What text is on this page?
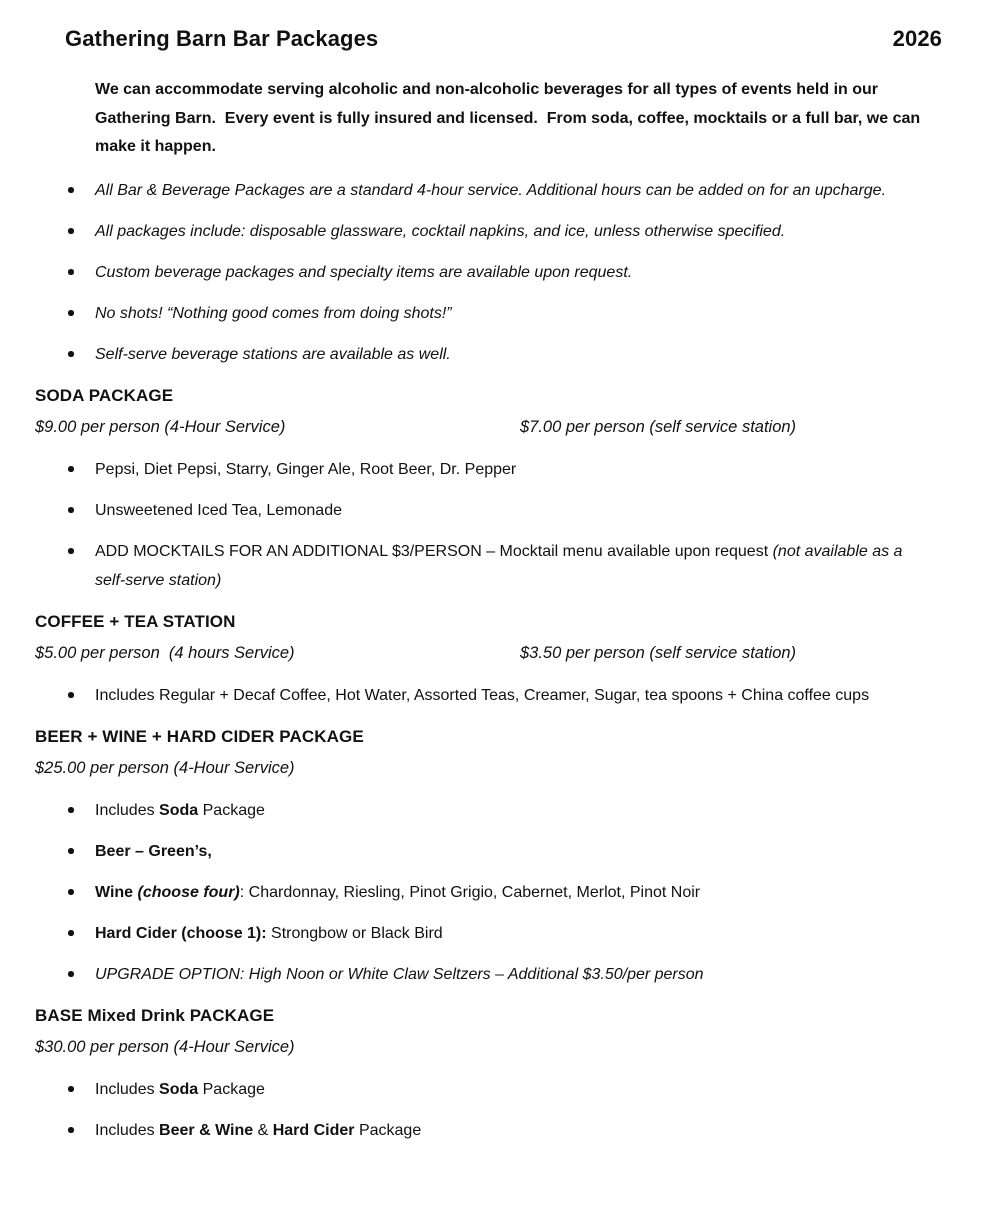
Gathering Barn Bar Packages	2026

We can accommodate serving alcoholic and non-alcoholic beverages for all types of events held in our Gathering Barn.  Every event is fully insured and licensed.  From soda, coffee, mocktails or a full bar, we can make it happen.

All Bar & Beverage Packages are a standard 4-hour service. Additional hours can be added on for an upcharge.
All packages include: disposable glassware, cocktail napkins, and ice, unless otherwise specified.
Custom beverage packages and specialty items are available upon request.
No shots! “Nothing good comes from doing shots!”
Self-serve beverage stations are available as well.
SODA PACKAGE
$9.00 per person (4-Hour Service)	$7.00 per person (self service station)
Pepsi, Diet Pepsi, Starry, Ginger Ale, Root Beer, Dr. Pepper
Unsweetened Iced Tea, Lemonade
ADD MOCKTAILS FOR AN ADDITIONAL $3/PERSON – Mocktail menu available upon request (not available as a self-serve station)
COFFEE + TEA STATION
$5.00 per person  (4 hours Service)	$3.50 per person (self service station)
Includes Regular + Decaf Coffee, Hot Water, Assorted Teas, Creamer, Sugar, tea spoons + China coffee cups
BEER + WINE + HARD CIDER PACKAGE
$25.00 per person (4-Hour Service)
Includes Soda Package
Beer – Green’s,
Wine (choose four): Chardonnay, Riesling, Pinot Grigio, Cabernet, Merlot, Pinot Noir
Hard Cider (choose 1): Strongbow or Black Bird
UPGRADE OPTION: High Noon or White Claw Seltzers – Additional $3.50/per person
BASE Mixed Drink PACKAGE
$30.00 per person (4-Hour Service)
Includes Soda Package
Includes Beer & Wine & Hard Cider Package
